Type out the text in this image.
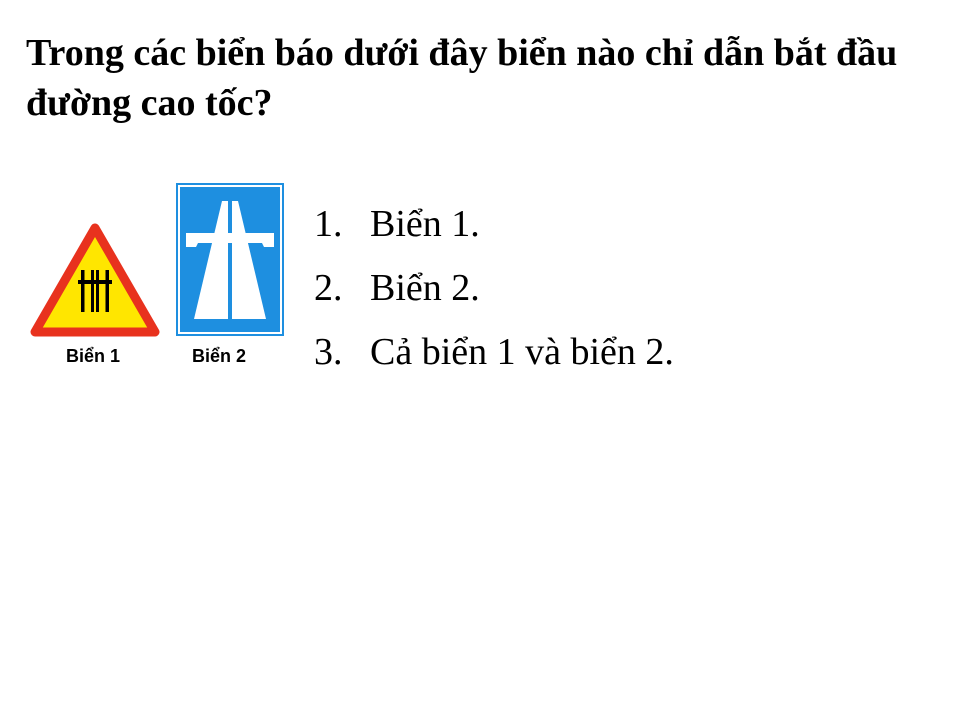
Trong các biển báo dưới đây biển nào chỉ dẫn bắt đầu đường cao tốc?
Biển 1	Biển 2
1. Biển 1.
2. Biển 2.
3. Cả biển 1 và biển 2.
